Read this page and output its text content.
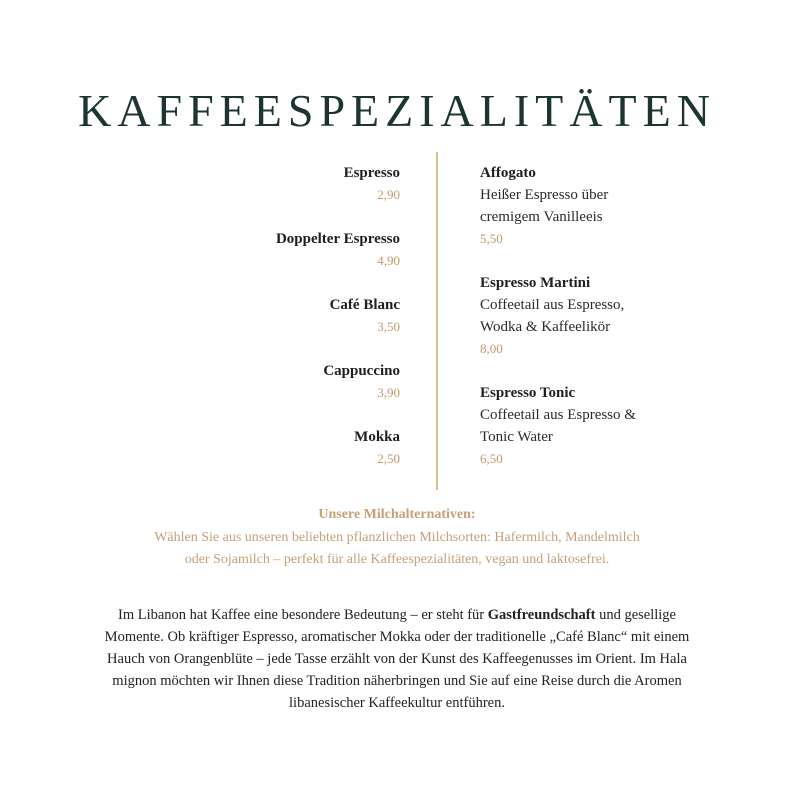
KAFFEESPEZIALITÄTEN
Espresso
2,90
Doppelter Espresso
4,90
Café Blanc
3,50
Cappuccino
3,90
Mokka
2,50
Affogato
Heißer Espresso über
cremigem Vanilleeis
5,50
Espresso Martini
Coffeetail aus Espresso,
Wodka & Kaffeelikör
8,00
Espresso Tonic
Coffeetail aus Espresso &
Tonic Water
6,50
Unsere Milchalternativen:
Wählen Sie aus unseren beliebten pflanzlichen Milchsorten: Hafermilch, Mandelmilch
oder Sojamilch – perfekt für alle Kaffeespezialitäten, vegan und laktosefrei.

Im Libanon hat Kaffee eine besondere Bedeutung – er steht für Gastfreundschaft und gesellige Momente. Ob kräftiger Espresso, aromatischer Mokka oder der traditionelle „Café Blanc“ mit einem Hauch von Orangenblüte – jede Tasse erzählt von der Kunst des Kaffeegenusses im Orient. Im Hala mignon möchten wir Ihnen diese Tradition näherbringen und Sie auf eine Reise durch die Aromen libanesischer Kaffeekultur entführen.
